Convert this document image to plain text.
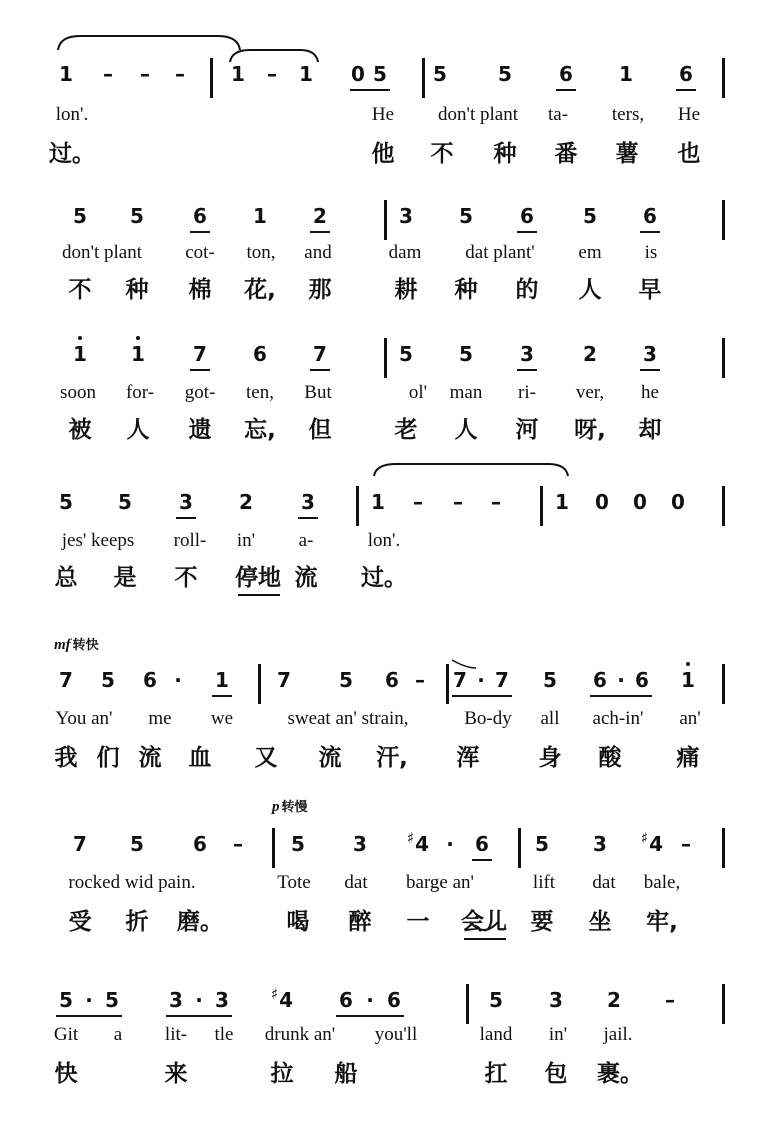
1 – – – 1 – 1 0 5 5	5 6 1 6
lon'.	He don't plant ta- ters, He
过。	他 不 种 番 薯 也
5 5 6 1 2	3 5 6 5 6
don't plant cot- ton, and	dam dat plant' em is
不 种 棉 花, 那	耕 种 的 人 早
1 1 7 6 7	5 5 3 2 3
soon for- got- ten, But	ol' man ri- ver, he
被 人 遗 忘, 但	老 人 河 呀, 却
5 5 3 2 3	1 – – –	1 0 0 0
jes' keeps roll- in' a-	lon'.
总 是 不 停地 流 过。
mf 转快
7 5 6 · 1 7 5 6 – 7 · 7 5 6 · 6 1
You an' me we	sweat an' strain,	Bo-dy all ach-in' an'
我 们 流 血 又 流 汗, 浑	身 酸 痛
p 转慢
7 5 6 – 5 3	♯4 · 6 5 3 ♯4 –
rocked wid pain.	Tote dat barge an'	lift dat bale,
受 折 磨。	喝 醉 一 会儿 要 坐 牢,
5 · 5	3 · 3	♯4 6 · 6	5 3 2 –
Git a lit- tle drunk an' you'll	land in' jail.
快	来	拉 船	扛 包 裹。
